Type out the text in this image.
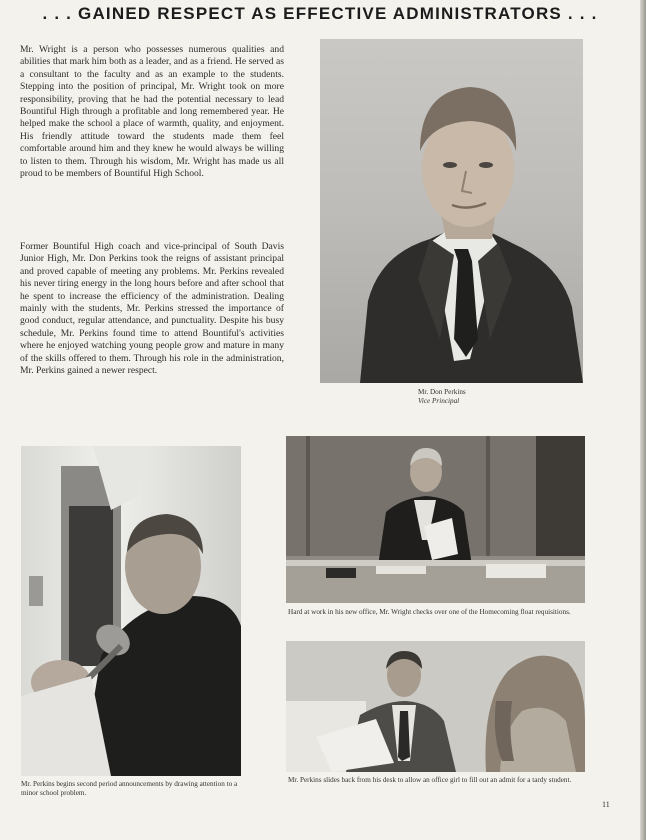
. . . GAINED RESPECT AS EFFECTIVE ADMINISTRATORS . . .
Mr. Wright is a person who possesses numerous qualities and abilities that mark him both as a leader, and as a friend. He served as a consultant to the faculty and as an example to the students. Stepping into the position of principal, Mr. Wright took on more responsibility, proving that he had the potential necessary to lead Bountiful High through a profitable and long remembered year. He helped make the school a place of warmth, quality, and enjoyment. His friendly attitude toward the students made them feel comfortable around him and they knew he would always be willing to listen to them. Through his wisdom, Mr. Wright has made us all proud to be members of Bountiful High School.
Former Bountiful High coach and vice-principal of South Davis Junior High, Mr. Don Perkins took the reigns of assistant principal and proved capable of meeting any problems. Mr. Perkins revealed his never tiring energy in the long hours before and after school that he spent to increase the efficiency of the administration. Dealing mainly with the students, Mr. Perkins stressed the importance of good conduct, regular attendance, and punctuality. Despite his busy schedule, Mr. Perkins found time to attend Bountiful's activities where he enjoyed watching young people grow and mature in many of the skills offered to them. Through his role in the administration, Mr. Perkins gained a newer respect.
Mr. Don Perkins
Vice Principal
Mr. Perkins begins second period announcements by drawing attention to a minor school problem.
Hard at work in his new office, Mr. Wright checks over one of the Homecoming float requisitions.
Mr. Perkins slides back from his desk to allow an office girl to fill out an admit for a tardy student.
11
